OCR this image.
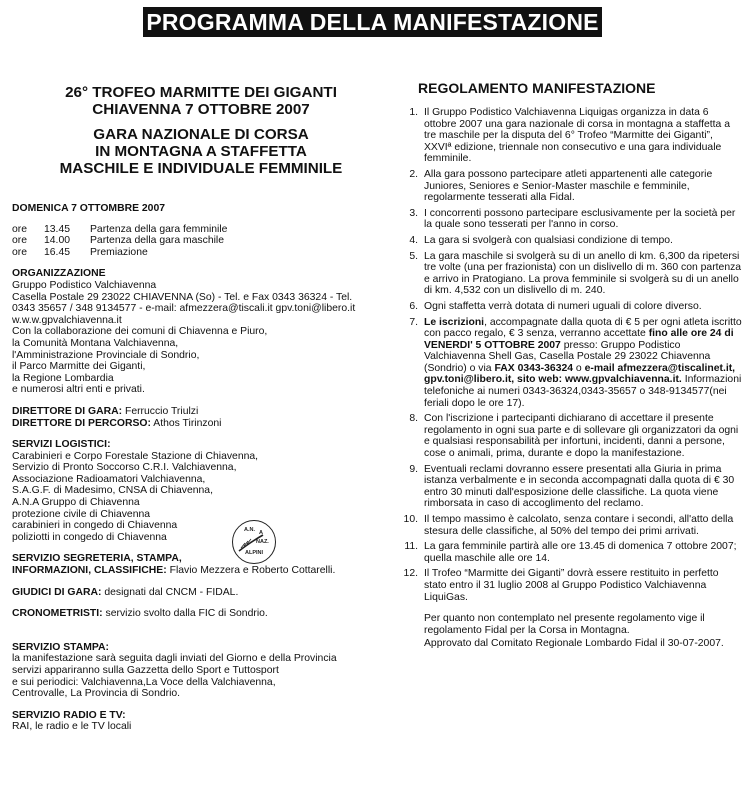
PROGRAMMA DELLA MANIFESTAZIONE

26° TROFEO MARMITTE DEI GIGANTI

CHIAVENNA 7 OTTOBRE 2007

GARA NAZIONALE DI CORSA

IN MONTAGNA A STAFFETTA

MASCHILE E INDIVIDUALE FEMMINILE

DOMENICA 7 OTTOMBRE 2007

ore	13.45	Partenza della gara femminile
ore	14.00	Partenza della gara maschile
ore	16.45	Premiazione

ORGANIZZAZIONE

Gruppo Podistico Valchiavenna

Casella Postale 29 23022 CHIAVENNA (So) - Tel. e Fax 0343 36324 - Tel.

0343 35657 / 348 9134577 - e-mail: afmezzera@tiscali.it gpv.toni@libero.it

w.w.w.gpvalchiavenna.it

Con la collaborazione dei comuni di Chiavenna e Piuro,

la Comunità Montana Valchiavenna,

l'Amministrazione Provinciale di Sondrio,

il Parco Marmitte dei Giganti,

la Regione Lombardia

e numerosi altri enti e privati.

DIRETTORE DI GARA: Ferruccio Triulzi

DIRETTORE DI PERCORSO: Athos Tirinzoni

SERVIZI LOGISTICI:

Carabinieri e Corpo Forestale Stazione di Chiavenna,

Servizio di Pronto Soccorso C.R.I. Valchiavenna,

Associazione Radioamatori Valchiavenna,

S.A.G.F. di Madesimo, CNSA di Chiavenna,

A.N.A Gruppo di Chiavenna

protezione civile di Chiavenna

carabinieri in congedo di Chiavenna

poliziotti in congedo di Chiavenna

SERVIZIO SEGRETERIA, STAMPA,

INFORMAZIONI, CLASSIFICHE: Flavio Mezzera e Roberto Cottarelli.

GIUDICI DI GARA: designati dal CNCM - FIDAL.

CRONOMETRISTI: servizio svolto dalla FIC di Sondrio.

SERVIZIO STAMPA:

la manifestazione sarà seguita dagli inviati del Giorno e della Provincia

servizi appariranno sulla Gazzetta dello Sport e Tuttosport

e sui periodici: Valchiavenna,La Voce della Valchiavenna,

Centrovalle, La Provincia di Sondrio.

SERVIZIO RADIO E TV:

RAI, le radio e le TV locali

A.N. A
NAZ.
ALPINI

REGOLAMENTO MANIFESTAZIONE

1. Il Gruppo Podistico Valchiavenna Liquigas organizza in data 6 ottobre 2007 una gara nazionale di corsa in montagna a staffetta a tre maschile per la disputa del 6° Trofeo “Marmitte dei Giganti”, XXVIª edizione, triennale non consecutivo e una gara individuale femminile.
2. Alla gara possono partecipare atleti appartenenti alle categorie Juniores, Seniores e Senior-Master maschile e femminile, regolarmente tesserati alla Fidal.
3. I concorrenti possono partecipare esclusivamente per la società per la quale sono tesserati per l'anno in corso.
4. La gara si svolgerà con qualsiasi condizione di tempo.
5. La gara maschile si svolgerà su di un anello di km. 6,300 da ripetersi tre volte (una per frazionista) con un dislivello di m. 360 con partenza e arrivo in Pratogiano. La prova femminile si svolgerà su di un anello di km. 4,532 con un dislivello di m. 240.
6. Ogni staffetta verrà dotata di numeri uguali di colore diverso.
7. Le iscrizioni, accompagnate dalla quota di € 5 per ogni atleta iscritto con pacco regalo, € 3 senza, verranno accettate fino alle ore 24 di VENERDI' 5 OTTOBRE 2007 presso: Gruppo Podistico Valchiavenna Shell Gas, Casella Postale 29 23022 Chiavenna (Sondrio) o via FAX 0343-36324 o e-mail afmezzera@tiscalinet.it, gpv.toni@libero.it, sito web: www.gpvalchiavenna.it. Informazioni telefoniche ai numeri 0343-36324,0343-35657 o 348-9134577(nei feriali dopo le ore 17).
8. Con l'iscrizione i partecipanti dichiarano di accettare il presente regolamento in ogni sua parte e di sollevare gli organizzatori da ogni e qualsiasi responsabilità per infortuni, incidenti, danni a persone, cose o animali, prima, durante e dopo la manifestazione.
9. Eventuali reclami dovranno essere presentati alla Giuria in prima istanza verbalmente e in seconda accompagnati dalla quota di € 30 entro 30 minuti dall'esposizione delle classifiche. La quota viene rimborsata in caso di accoglimento del reclamo.
10. Il tempo massimo è calcolato, senza contare i secondi, all'atto della stesura delle classifiche, al 50% del tempo dei primi arrivati.
11. La gara femminile partirà alle ore 13.45 di domenica 7 ottobre 2007; quella maschile alle ore 14.
12. Il Trofeo “Marmitte dei Giganti” dovrà essere restituito in perfetto stato entro il 31 luglio 2008 al Gruppo Podistico Valchiavenna LiquiGas.

Per quanto non contemplato nel presente regolamento vige il regolamento Fidal per la Corsa in Montagna.

Approvato dal Comitato Regionale Lombardo Fidal il 30-07-2007.
